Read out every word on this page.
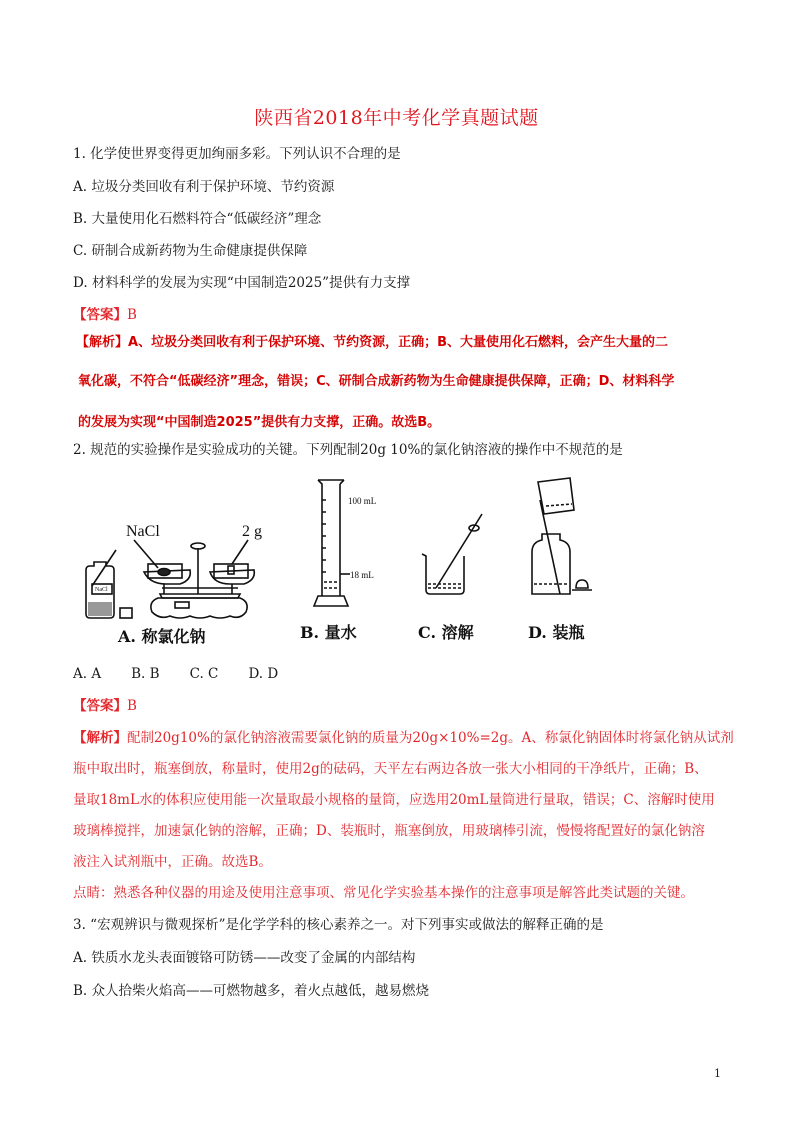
陕西省2018年中考化学真题试题
1. 化学使世界变得更加绚丽多彩。下列认识不合理的是
A. 垃圾分类回收有利于保护环境、节约资源
B. 大量使用化石燃料符合“低碳经济”理念
C. 研制合成新药物为生命健康提供保障
D. 材料科学的发展为实现“中国制造2025”提供有力支撑
【答案】B
【解析】A、垃圾分类回收有利于保护环境、节约资源，正确；B、大量使用化石燃料，会产生大量的二
氧化碳，不符合“低碳经济”理念，错误；C、研制合成新药物为生命健康提供保障，正确；D、材料科学
的发展为实现“中国制造2025”提供有力支撑，正确。故选B。
2. 规范的实验操作是实验成功的关键。下列配制20g 10%的氯化钠溶液的操作中不规范的是
NaCl	2 g
NaCl
100 mL
18 mL
A. 称氯化钠	B. 量水	C. 溶解	D. 装瓶
A. A B. B C. C D. D
【答案】B
【解析】配制20g10%的氯化钠溶液需要氯化钠的质量为20g×10%=2g。A、称氯化钠固体时将氯化钠从试剂
瓶中取出时，瓶塞倒放，称量时，使用2g的砝码，天平左右两边各放一张大小相同的干净纸片，正确；B、
量取18mL水的体积应使用能一次量取最小规格的量筒，应选用20mL量筒进行量取，错误；C、溶解时使用
玻璃棒搅拌，加速氯化钠的溶解，正确；D、装瓶时，瓶塞倒放，用玻璃棒引流，慢慢将配置好的氯化钠溶
液注入试剂瓶中，正确。故选B。
点睛：熟悉各种仪器的用途及使用注意事项、常见化学实验基本操作的注意事项是解答此类试题的关键。
3. “宏观辨识与微观探析”是化学学科的核心素养之一。对下列事实或做法的解释正确的是
A. 铁质水龙头表面镀铬可防锈——改变了金属的内部结构
B. 众人拾柴火焰高——可燃物越多，着火点越低，越易燃烧
1
